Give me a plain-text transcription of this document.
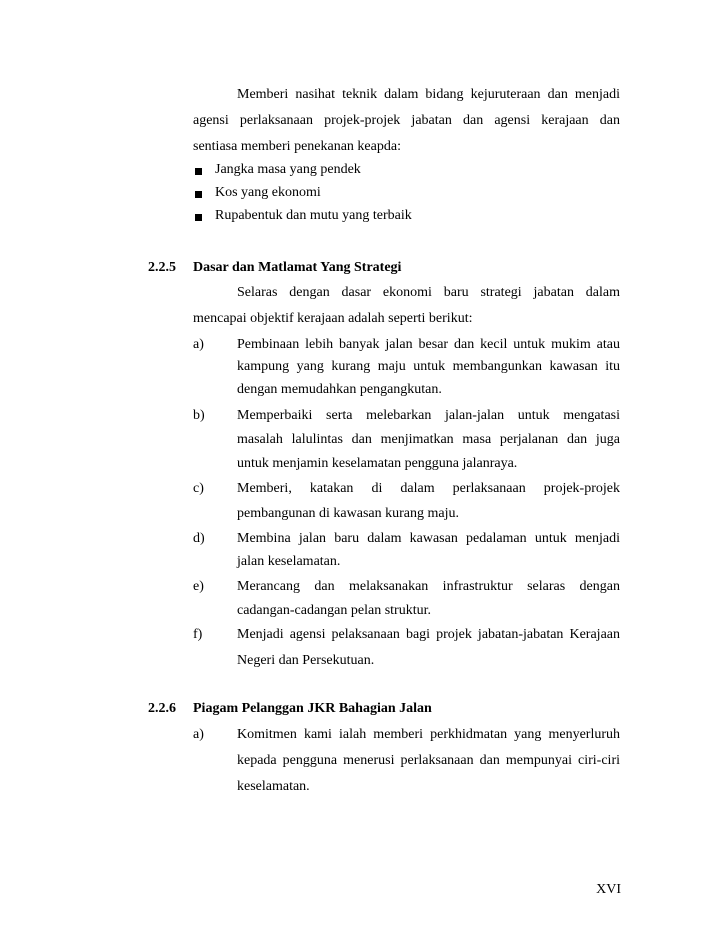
Memberi nasihat teknik dalam bidang kejuruteraan dan menjadi
agensi perlaksanaan projek-projek jabatan dan agensi kerajaan dan
sentiasa memberi penekanan keapda:
Jangka masa yang pendek
Kos yang ekonomi
Rupabentuk dan mutu yang terbaik
2.2.5 Dasar dan Matlamat Yang Strategi
Selaras dengan dasar ekonomi baru strategi jabatan dalam
mencapai objektif kerajaan adalah seperti berikut:
a) Pembinaan lebih banyak jalan besar dan kecil untuk mukim atau
kampung yang kurang maju untuk membangunkan kawasan itu
dengan memudahkan pengangkutan.
b) Memperbaiki serta melebarkan jalan-jalan untuk mengatasi
masalah lalulintas dan menjimatkan masa perjalanan dan juga
untuk menjamin keselamatan pengguna jalanraya.
c) Memberi, katakan di dalam perlaksanaan projek-projek
pembangunan di kawasan kurang maju.
d) Membina jalan baru dalam kawasan pedalaman untuk menjadi
jalan keselamatan.
e) Merancang dan melaksanakan infrastruktur selaras dengan
cadangan-cadangan pelan struktur.
f) Menjadi agensi pelaksanaan bagi projek jabatan-jabatan Kerajaan
Negeri dan Persekutuan.
2.2.6 Piagam Pelanggan JKR Bahagian Jalan
a) Komitmen kami ialah memberi perkhidmatan yang menyerluruh
kepada pengguna menerusi perlaksanaan dan mempunyai ciri-ciri
keselamatan.
XVI
